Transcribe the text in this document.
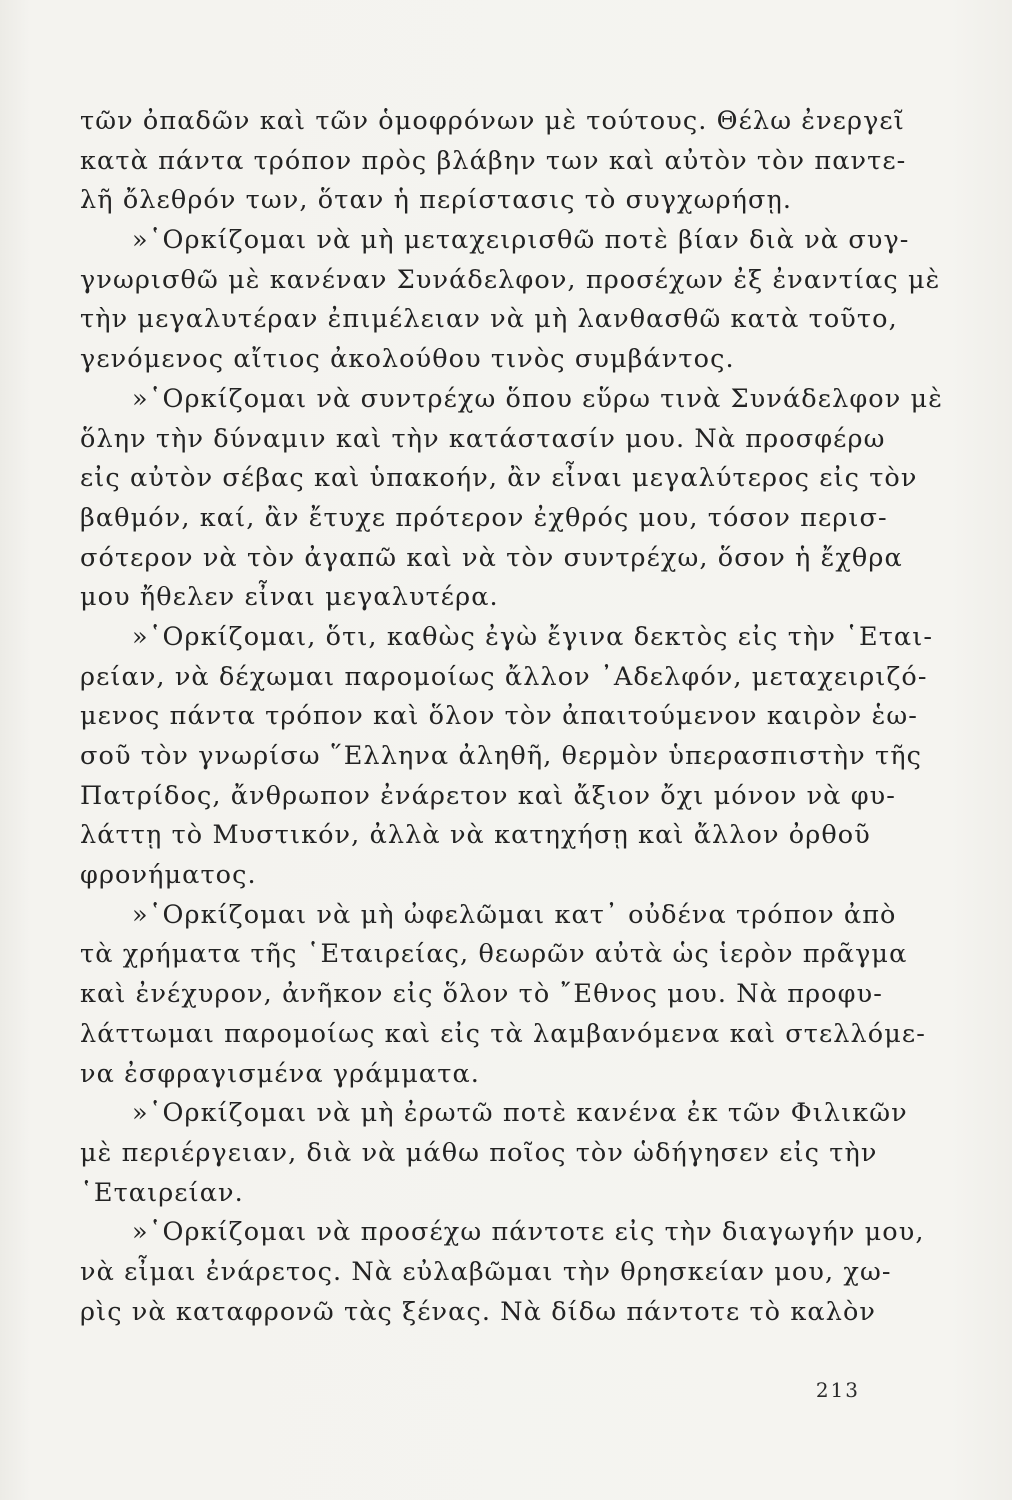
τῶν ὀπαδῶν καὶ τῶν ὁμοφρόνων μὲ τούτους. Θέλω ἐνεργεῖ
κατὰ πάντα τρόπον πρὸς βλάβην των καὶ αὐτὸν τὸν παντε-
λῆ ὄλεθρόν των, ὅταν ἡ περίστασις τὸ συγχωρήσῃ.
»῾Ορκίζομαι νὰ μὴ μεταχειρισθῶ ποτὲ βίαν διὰ νὰ συγ-
γνωρισθῶ μὲ κανέναν Συνάδελφον, προσέχων ἐξ ἐναντίας μὲ
τὴν μεγαλυτέραν ἐπιμέλειαν νὰ μὴ λανθασθῶ κατὰ τοῦτο,
γενόμενος αἴτιος ἀκολούθου τινὸς συμβάντος.
»῾Ορκίζομαι νὰ συντρέχω ὅπου εὕρω τινὰ Συνάδελφον μὲ
ὅλην τὴν δύναμιν καὶ τὴν κατάστασίν μου. Νὰ προσφέρω
εἰς αὐτὸν σέβας καὶ ὑπακοήν, ἂν εἶναι μεγαλύτερος εἰς τὸν
βαθμόν, καί, ἂν ἔτυχε πρότερον ἐχθρός μου, τόσον περισ-
σότερον νὰ τὸν ἀγαπῶ καὶ νὰ τὸν συντρέχω, ὅσον ἡ ἔχθρα
μου ἤθελεν εἶναι μεγαλυτέρα.
»῾Ορκίζομαι, ὅτι, καθὼς ἐγὼ ἔγινα δεκτὸς εἰς τὴν ῾Εται-
ρείαν, νὰ δέχωμαι παρομοίως ἄλλον ᾿Αδελφόν, μεταχειριζό-
μενος πάντα τρόπον καὶ ὅλον τὸν ἀπαιτούμενον καιρὸν ἑω-
σοῦ τὸν γνωρίσω ῞Ελληνα ἀληθῆ, θερμὸν ὑπερασπιστὴν τῆς
Πατρίδος, ἄνθρωπον ἐνάρετον καὶ ἄξιον ὄχι μόνον νὰ φυ-
λάττῃ τὸ Μυστικόν, ἀλλὰ νὰ κατηχήσῃ καὶ ἄλλον ὀρθοῦ
φρονήματος.
»῾Ορκίζομαι νὰ μὴ ὠφελῶμαι κατ᾿ οὐδένα τρόπον ἀπὸ
τὰ χρήματα τῆς ῾Εταιρείας, θεωρῶν αὐτὰ ὡς ἱερὸν πρᾶγμα
καὶ ἐνέχυρον, ἀνῆκον εἰς ὅλον τὸ ῎Εθνος μου. Νὰ προφυ-
λάττωμαι παρομοίως καὶ εἰς τὰ λαμβανόμενα καὶ στελλόμε-
να ἐσφραγισμένα γράμματα.
»῾Ορκίζομαι νὰ μὴ ἐρωτῶ ποτὲ κανένα ἐκ τῶν Φιλικῶν
μὲ περιέργειαν, διὰ νὰ μάθω ποῖος τὸν ὡδήγησεν εἰς τὴν
῾Εταιρείαν.
»῾Ορκίζομαι νὰ προσέχω πάντοτε εἰς τὴν διαγωγήν μου,
νὰ εἶμαι ἐνάρετος. Νὰ εὐλαβῶμαι τὴν θρησκείαν μου, χω-
ρὶς νὰ καταφρονῶ τὰς ξένας. Νὰ δίδω πάντοτε τὸ καλὸν
213
